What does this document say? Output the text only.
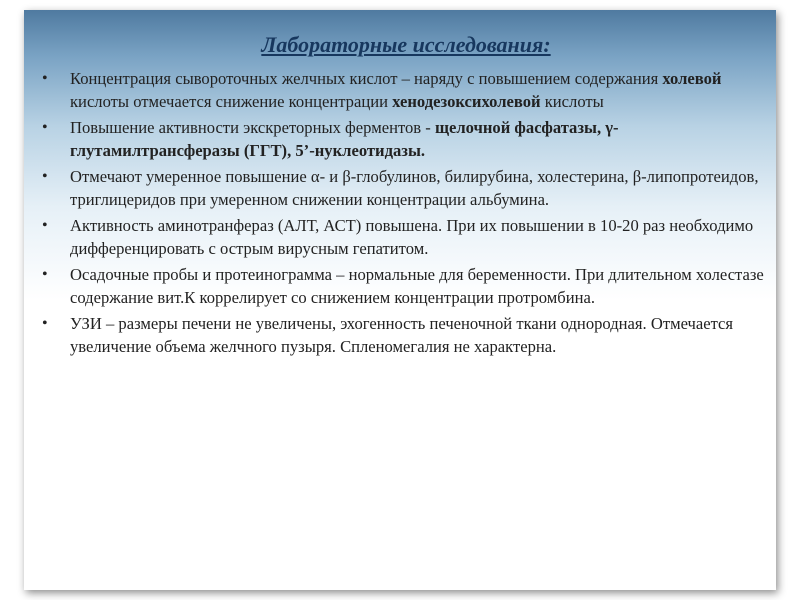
Лабораторные исследования:
• Концентрация сывороточных желчных кислот – наряду с повышением содержания холевой кислоты отмечается снижение концентрации хенодезоксихолевой кислоты
• Повышение активности экскреторных ферментов - щелочной фасфатазы, γ-глутамилтрансферазы (ГГТ), 5’-нуклеотидазы.
• Отмечают умеренное повышение α- и β-глобулинов, билирубина, холестерина, β-липопротеидов, триглицеридов при умеренном снижении концентрации альбумина.
• Активность аминотранфераз (АЛТ, АСТ) повышена. При их повышении в 10-20 раз необходимо дифференцировать с острым вирусным гепатитом.
• Осадочные пробы и протеинограмма – нормальные для беременности. При длительном холестазе содержание вит.К коррелирует со снижением концентрации протромбина.
• УЗИ – размеры печени не увеличены, эхогенность печеночной ткани однородная. Отмечается увеличение объема желчного пузыря. Спленомегалия не характерна.
